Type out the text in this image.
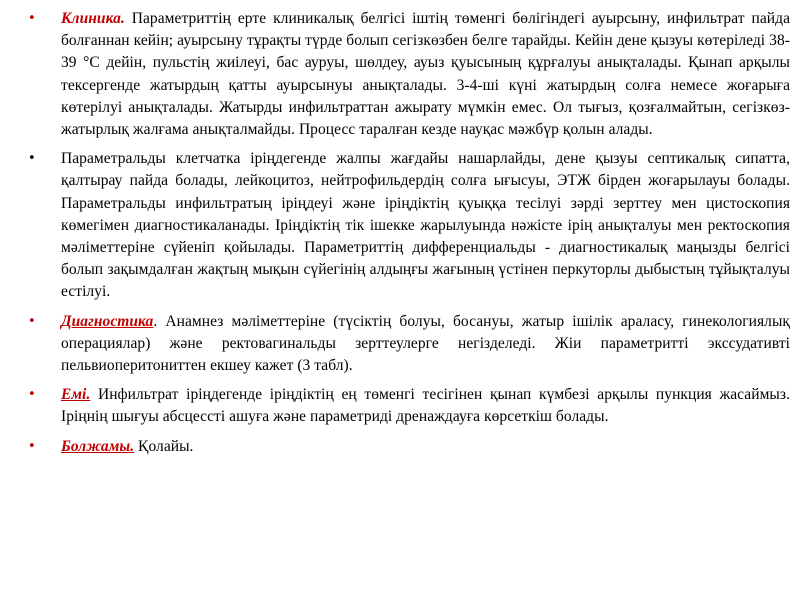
• Клиника. Параметриттің ерте клиникалық белгісі іштің төменгі бөлігіндегі ауырсыну, инфильтрат пайда болғаннан кейін; ауырсыну тұрақты түрде болып сегізкөзбен белге тарайды. Кейін дене қызуы көтеріледі 38-39 °С дейін, пульстің жиілеуі, бас ауруы, шөлдеу, ауыз қуысының құрғалуы анықталады. Қынап арқылы тексергенде жатырдың қатты ауырсынуы анықталады. 3-4-ші күні жатырдың солға немесе жоғарыға көтерілуі анықталады. Жатырды инфильтраттан ажырату мүмкін емес. Ол тығыз, қозғалмайтын, сегізкөз-жатырлық жалғама анықталмайды. Процесс таралған кезде науқас мәжбүр қолын алады.
• Параметральды клетчатка іріңдегенде жалпы жағдайы нашарлайды, дене қызуы септикалық сипатта, қалтырау пайда болады, лейкоцитоз, нейтрофильдердің солға ығысуы, ЭТЖ бірден жоғарылауы болады. Параметральды инфильтратың іріңдеуі және іріңдіктің қуыққа тесілуі зәрді зерттеу мен цистоскопия көмегімен диагностикаланады. Іріңдіктің тік ішекке жарылуында нәжісте ірің анықталуы мен ректоскопия мәліметтеріне сүйеніп қойылады. Параметриттің дифференциальды - диагностикалық маңызды белгісі болып зақымдалған жақтың мықын сүйегінің алдыңғы жағының үстінен перкуторлы дыбыстың тұйықталуы естілуі.
• Диагностика. Анамнез мәліметтеріне (түсіктің болуы, босануы, жатыр ішілік араласу, гинекологиялық операциялар) және ректовагинальды зерттеулерге негізделеді. Жіи параметритті экссудативті пельвиоперитониттен екшеу кажет (3 табл).
• Емі. Инфильтрат іріңдегенде іріңдіктің ең төменгі тесігінен қынап күмбезі арқылы пункция жасаймыз. Іріңнің шығуы абсцессті ашуға және параметриді дренаждауға көрсеткіш болады.
• Болжамы. Қолайы.
